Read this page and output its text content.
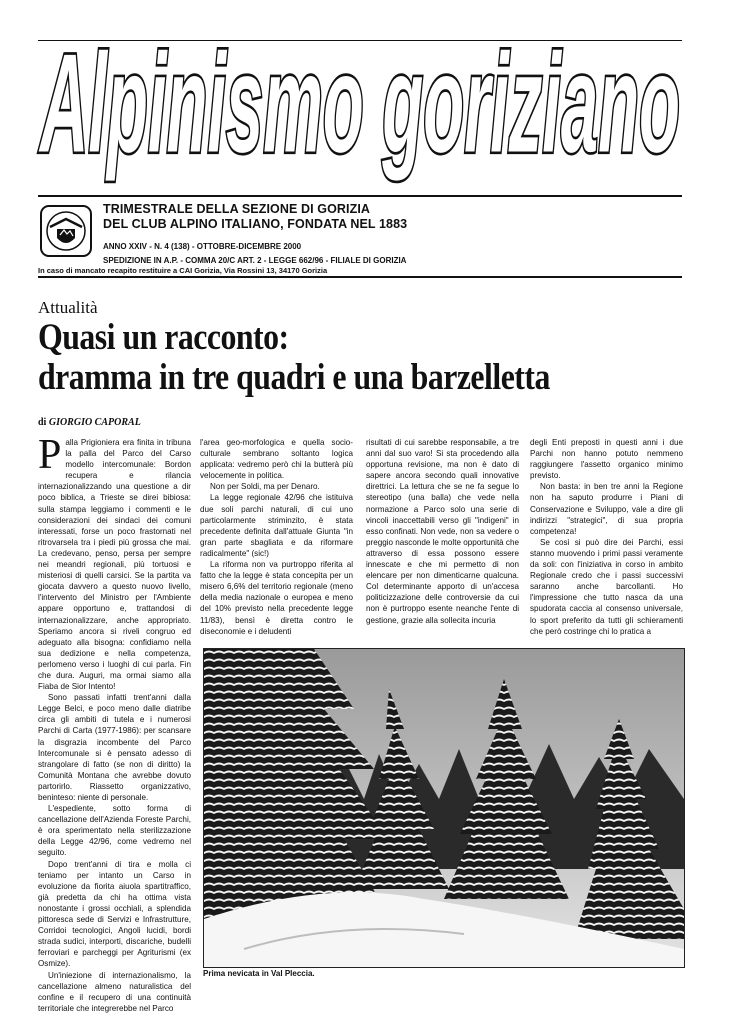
Alpinismo goriziano
TRIMESTRALE DELLA SEZIONE DI GORIZIA
DEL CLUB ALPINO ITALIANO, FONDATA NEL 1883
ANNO XXIV - N. 4 (138) - OTTOBRE-DICEMBRE 2000
SPEDIZIONE IN A.P. - COMMA 20/C ART. 2 - LEGGE 662/96 - FILIALE DI GORIZIA
In caso di mancato recapito restituire a CAI Gorizia, Via Rossini 13, 34170 Gorizia
Attualità
Quasi un racconto:
dramma in tre quadri e una barzelletta
di GIORGIO CAPORAL

Palla Prigioniera era finita in tribuna la palla del Parco del Carso modello intercomunale: Bordon recupera e rilancia internazionalizzando una questione a dir poco biblica, a Trieste se direi bibiosa: sulla stampa leggiamo i commenti e le considerazioni dei sindaci dei comuni interessati, forse un poco frastornati nel ritrovarsela tra i piedi più grossa che mai. La credevano, penso, persa per sempre nei meandri regionali, più tortuosi e misteriosi di quelli carsici. Se la partita va giocata davvero a questo nuovo livello, l'intervento del Ministro per l'Ambiente appare opportuno e, trattandosi di internazionalizzare, anche appropriato. Speriamo ancora si riveli congruo ed adeguato alla bisogna: confidiamo nella sua dedizione e nella competenza, perlomeno verso i luoghi di cui parla. Fin che dura. Auguri, ma ormai siamo alla Fiaba de Sior Intento!

Sono passati infatti trent'anni dalla Legge Belci, e poco meno dalle diatribe circa gli ambiti di tutela e i numerosi Parchi di Carta (1977-1986): per scansare la disgrazia incombente del Parco Intercomunale si è pensato adesso di strangolare di fatto (se non di diritto) la Comunità Montana che avrebbe dovuto partorirlo. Riassetto organizzativo, beninteso: niente di personale.

L'espediente, sotto forma di cancellazione dell'Azienda Foreste Parchi, è ora sperimentato nella sterilizzazione della Legge 42/96, come vedremo nel seguito.

Dopo trent'anni di tira e molla ci teniamo per intanto un Carso in evoluzione da fiorita aiuola spartitraffico, già predetta da chi ha ottima vista nonostante i grossi occhiali, a splendida pittoresca sede di Servizi e Infrastrutture, Corridoi tecnologici, Angoli lucidi, bordi strada sudici, interporti, discariche, budelli ferroviari e parcheggi per Agriturismi (ex Osmize).

Un'iniezione di internazionalismo, la cancellazione almeno naturalistica del confine e il recupero di una continuità territoriale che integrerebbe nel Parco

l'area geo-morfologica e quella socio-culturale sembrano soltanto logica applicata: vedremo però chi la butterà più velocemente in politica.

Non per Soldi, ma per Denaro.

La legge regionale 42/96 che istituiva due soli parchi naturali, di cui uno particolarmente striminzito, è stata precedente definita dall'attuale Giunta "in gran parte sbagliata e da riformare radicalmente" (sic!)

La riforma non va purtroppo riferita al fatto che la legge è stata concepita per un misero 6,6% del territorio regionale (meno della media nazionale o europea e meno del 10% previsto nella precedente legge 11/83), bensì è diretta contro le diseconomie e i deludenti

risultati di cui sarebbe responsabile, a tre anni dal suo varo! Si sta procedendo alla opportuna revisione, ma non è dato di sapere ancora secondo quali innovative direttrici. La lettura che se ne fa segue lo stereotipo (una balla) che vede nella normazione a Parco solo una serie di vincoli inaccettabili verso gli "indigeni" in esso confinati. Non vede, non sa vedere o preggio nasconde le molte opportunità che attraverso di essa possono essere innescate e che mi permetto di non elencare per non dimenticarne qualcuna. Col determinante apporto di un'accesa politicizzazione delle controversie da cui non è purtroppo esente neanche l'ente di gestione, grazie alla sollecita incuria

degli Enti preposti in questi anni i due Parchi non hanno potuto nemmeno raggiungere l'assetto organico minimo previsto.

Non basta: in ben tre anni la Regione non ha saputo produrre i Piani di Conservazione e Sviluppo, vale a dire gli indirizzi "strategici", di sua propria competenza!

Se così si può dire dei Parchi, essi stanno muovendo i primi passi veramente da soli: con l'iniziativa in corso in ambito Regionale credo che i passi successivi saranno anche barcollanti. Ho l'impressione che tutto nasca da una spudorata caccia al consenso universale, lo sport preferito da tutti gli schieramenti che però costringe chi lo pratica a

Prima nevicata in Val Pleccia.
